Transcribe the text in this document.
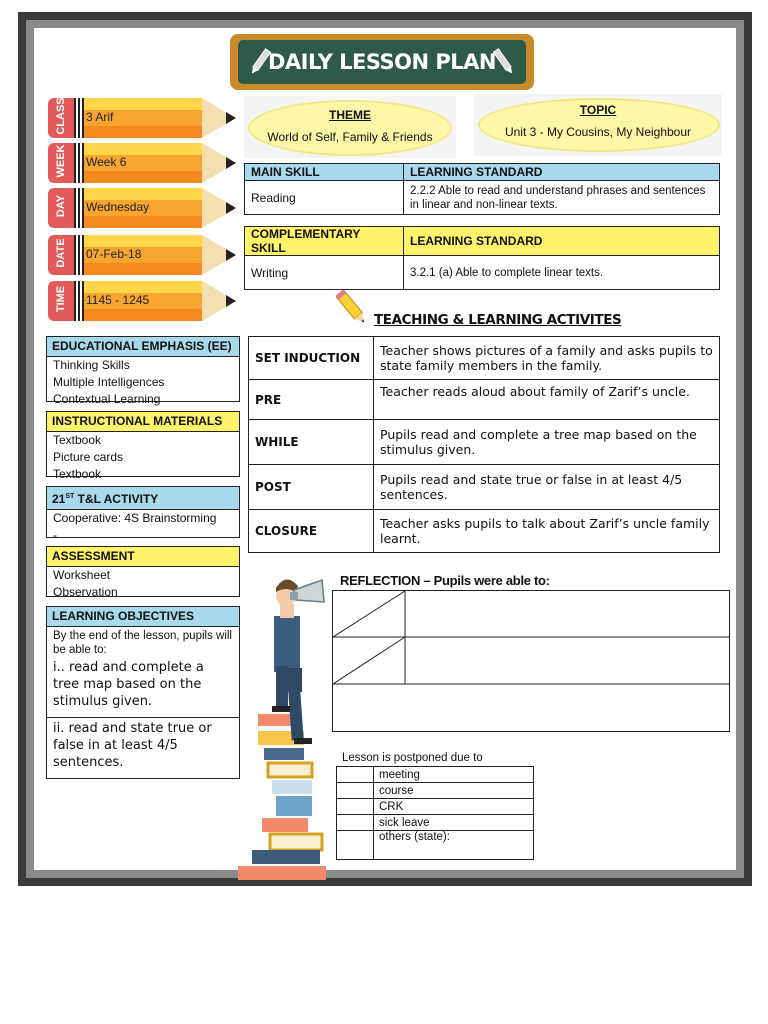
DAILY LESSON PLAN
THEME
World of Self, Family & Friends
TOPIC
Unit 3 - My Cousins, My Neighbour
CLASS 3 Arif
WEEK Week 6
DAY Wednesday
DATE 07-Feb-18
TIME 1145 - 1245
MAIN SKILL	LEARNING STANDARD
Reading	2.2.2 Able to read and understand phrases and sentences in linear and non-linear texts.
COMPLEMENTARY SKILL	LEARNING STANDARD
Writing	3.2.1 (a) Able to complete linear texts.
TEACHING & LEARNING ACTIVITES
SET INDUCTION	Teacher shows pictures of a family and asks pupils to state family members in the family.
PRE	Teacher reads aloud about family of Zarif’s uncle.
WHILE	Pupils read and complete a tree map based on the stimulus given.
POST	Pupils read and state true or false in at least 4/5 sentences.
CLOSURE	Teacher asks pupils to talk about Zarif’s uncle family learnt.
EDUCATIONAL EMPHASIS (EE)
Thinking Skills
Multiple Intelligences
Contextual Learning
INSTRUCTIONAL MATERIALS
Textbook
Picture cards
Textbook
21ST T&L ACTIVITY
Cooperative: 4S Brainstorming
-
ASSESSMENT
Worksheet
Observation
LEARNING OBJECTIVES
By the end of the lesson, pupils will be able to:
i.. read and complete a tree map based on the stimulus given.
ii. read and state true or false in at least 4/5 sentences.
REFLECTION – Pupils were able to:
Lesson is postponed due to
	meeting
	course
	CRK
	sick leave
	others (state):
